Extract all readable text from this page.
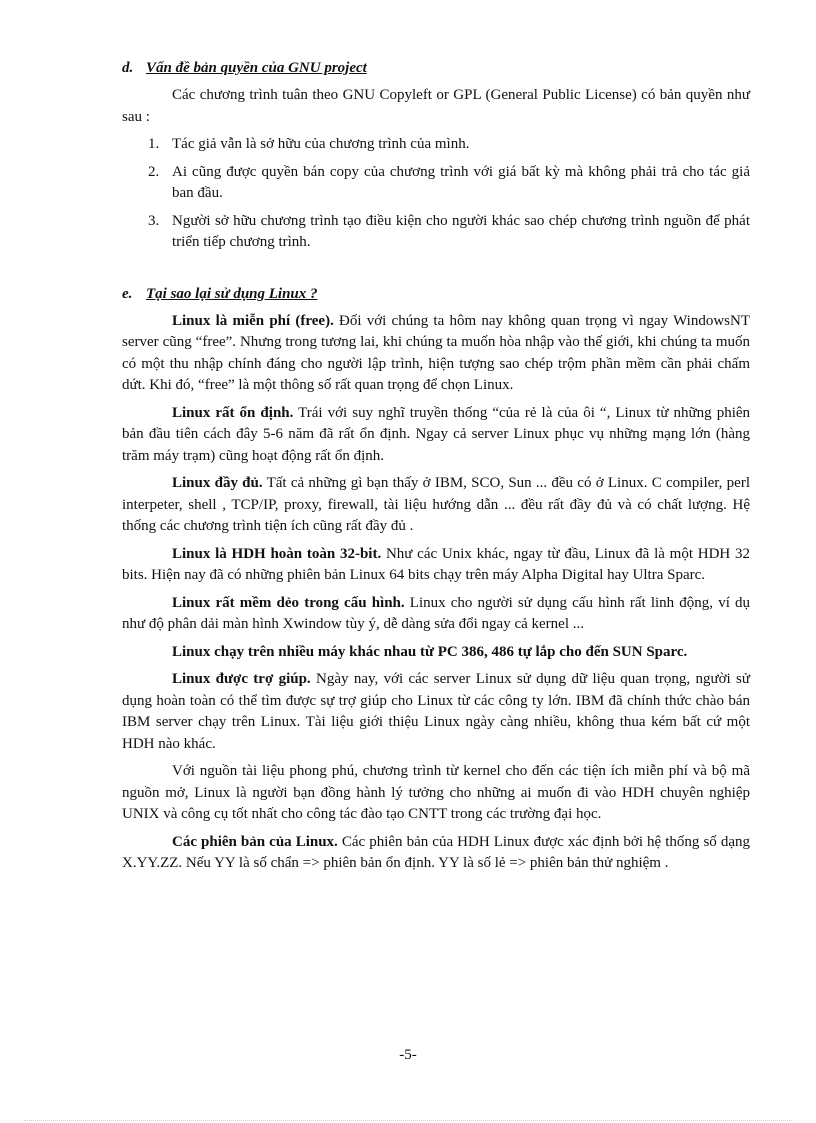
d. Vấn đề bản quyền của GNU project

Các chương trình tuân theo GNU Copyleft or GPL (General Public License) có bản quyền như sau :

1. Tác giả vẫn là sở hữu của chương trình của mình.
2. Ai cũng được quyền bán copy của chương trình với giá bất kỳ mà không phải trả cho tác giả ban đầu.
3. Người sở hữu chương trình tạo điều kiện cho người khác sao chép chương trình nguồn để phát triển tiếp chương trình.
e. Tại sao lại sử dụng Linux ?

Linux là miễn phí (free). Đối với chúng ta hôm nay không quan trọng vì ngay WindowsNT server cũng “free”. Nhưng trong tương lai, khi chúng ta muốn hòa nhập vào thế giới, khi chúng ta muốn có một thu nhập chính đáng cho người lập trình, hiện tượng sao chép trộm phần mềm cần phải chấm dứt. Khi đó, “free” là một thông số rất quan trọng để chọn Linux.

Linux rất ổn định. Trái với suy nghĩ truyền thống “của rẻ là của ôi “, Linux từ những phiên bản đầu tiên cách đây 5-6 năm đã rất ổn định. Ngay cả server Linux phục vụ những mạng lớn (hàng trăm máy trạm) cũng hoạt động rất ổn định.

Linux đầy đủ. Tất cả những gì bạn thấy ở IBM, SCO, Sun ... đều có ở Linux. C compiler, perl interpeter, shell , TCP/IP, proxy, firewall, tài liệu hướng dẫn ... đều rất đầy đủ và có chất lượng. Hệ thống các chương trình tiện ích cũng rất đầy đủ .

Linux là HDH hoàn toàn 32-bit. Như các Unix khác, ngay từ đầu, Linux đã là một HDH 32 bits. Hiện nay đã có những phiên bản Linux 64 bits chạy trên máy Alpha Digital hay Ultra Sparc.

Linux rất mềm dẻo trong cấu hình. Linux cho người sử dụng cấu hình rất linh động, ví dụ như độ phân dải màn hình Xwindow tùy ý, dễ dàng sửa đổi ngay cả kernel ...

Linux chạy trên nhiều máy khác nhau từ PC 386, 486 tự lắp cho đến SUN Sparc.

Linux được trợ giúp. Ngày nay, với các server Linux sử dụng dữ liệu quan trọng, người sử dụng hoàn toàn có thể tìm được sự trợ giúp cho Linux từ các công ty lớn. IBM đã chính thức chào bán IBM server chạy trên Linux. Tài liệu giới thiệu Linux ngày càng nhiều, không thua kém bất cứ một HDH nào khác.

Với nguồn tài liệu phong phú, chương trình từ kernel cho đến các tiện ích miễn phí và bộ mã nguồn mở, Linux là người bạn đồng hành lý tưởng cho những ai muốn đi vào HDH chuyên nghiệp UNIX và công cụ tốt nhất cho công tác đào tạo CNTT trong các trường đại học.

Các phiên bản của Linux. Các phiên bản của HDH Linux được xác định bởi hệ thống số dạng X.YY.ZZ. Nếu YY là số chẩn => phiên bản ổn định. YY là số lẻ => phiên bản thử nghiệm .

-5-
